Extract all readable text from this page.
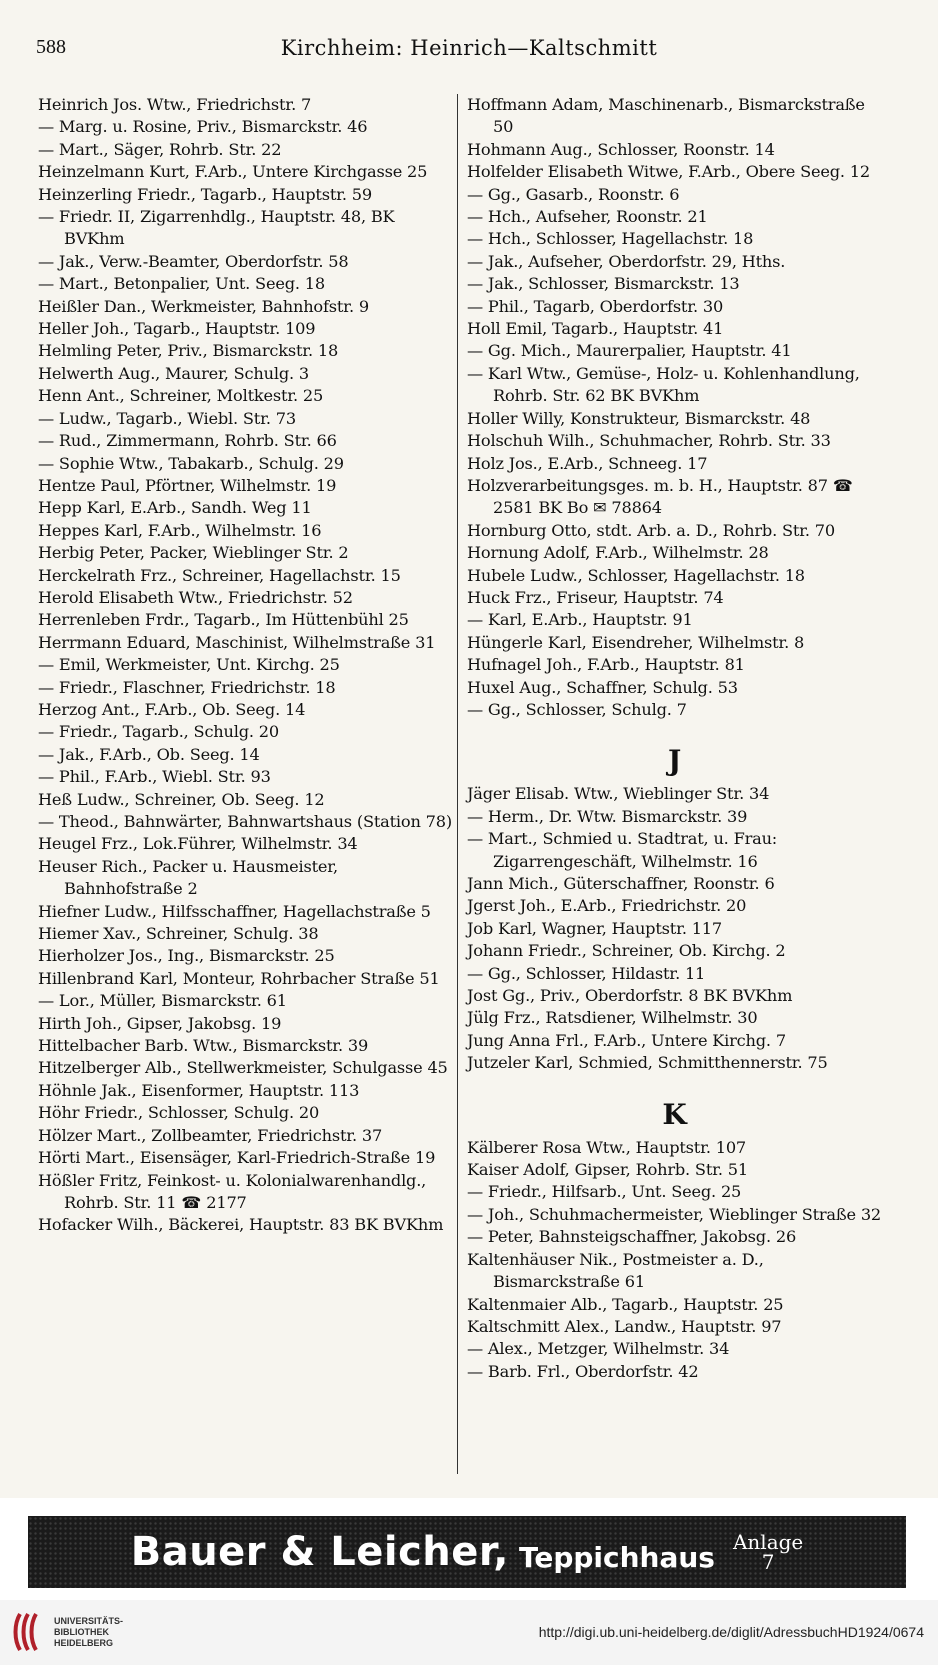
588	Kirchheim: Heinrich—Kaltschmitt
Heinrich Jos. Wtw., Friedrichstr. 7
— Marg. u. Rosine, Priv., Bismarckstr. 46
— Mart., Säger, Rohrb. Str. 22
Heinzelmann Kurt, F.Arb., Untere Kirchgasse 25
Heinzerling Friedr., Tagarb., Hauptstr. 59
— Friedr. II, Zigarrenhdlg., Hauptstr. 48, BK BVKhm
— Jak., Verw.-Beamter, Oberdorfstr. 58
— Mart., Betonpalier, Unt. Seeg. 18
Heißler Dan., Werkmeister, Bahnhofstr. 9
Heller Joh., Tagarb., Hauptstr. 109
Helmling Peter, Priv., Bismarckstr. 18
Helwerth Aug., Maurer, Schulg. 3
Henn Ant., Schreiner, Moltkestr. 25
— Ludw., Tagarb., Wiebl. Str. 73
— Rud., Zimmermann, Rohrb. Str. 66
— Sophie Wtw., Tabakarb., Schulg. 29
Hentze Paul, Pförtner, Wilhelmstr. 19
Hepp Karl, E.Arb., Sandh. Weg 11
Heppes Karl, F.Arb., Wilhelmstr. 16
Herbig Peter, Packer, Wieblinger Str. 2
Herckelrath Frz., Schreiner, Hagellachstr. 15
Herold Elisabeth Wtw., Friedrichstr. 52
Herrenleben Frdr., Tagarb., Im Hüttenbühl 25
Herrmann Eduard, Maschinist, Wilhelmstraße 31
— Emil, Werkmeister, Unt. Kirchg. 25
— Friedr., Flaschner, Friedrichstr. 18
Herzog Ant., F.Arb., Ob. Seeg. 14
— Friedr., Tagarb., Schulg. 20
— Jak., F.Arb., Ob. Seeg. 14
— Phil., F.Arb., Wiebl. Str. 93
Heß Ludw., Schreiner, Ob. Seeg. 12
— Theod., Bahnwärter, Bahnwartshaus (Station 78)
Heugel Frz., Lok.Führer, Wilhelmstr. 34
Heuser Rich., Packer u. Hausmeister, Bahnhofstraße 2
Hiefner Ludw., Hilfsschaffner, Hagellachstraße 5
Hiemer Xav., Schreiner, Schulg. 38
Hierholzer Jos., Ing., Bismarckstr. 25
Hillenbrand Karl, Monteur, Rohrbacher Straße 51
— Lor., Müller, Bismarckstr. 61
Hirth Joh., Gipser, Jakobsg. 19
Hittelbacher Barb. Wtw., Bismarckstr. 39
Hitzelberger Alb., Stellwerkmeister, Schulgasse 45
Höhnle Jak., Eisenformer, Hauptstr. 113
Höhr Friedr., Schlosser, Schulg. 20
Hölzer Mart., Zollbeamter, Friedrichstr. 37
Hörti Mart., Eisensäger, Karl-Friedrich-Straße 19
Hößler Fritz, Feinkost- u. Kolonialwarenhandlg., Rohrb. Str. 11 ☎ 2177
Hofacker Wilh., Bäckerei, Hauptstr. 83 BK BVKhm
Hoffmann Adam, Maschinenarb., Bismarckstraße 50
Hohmann Aug., Schlosser, Roonstr. 14
Holfelder Elisabeth Witwe, F.Arb., Obere Seeg. 12
— Gg., Gasarb., Roonstr. 6
— Hch., Aufseher, Roonstr. 21
— Hch., Schlosser, Hagellachstr. 18
— Jak., Aufseher, Oberdorfstr. 29, Hths.
— Jak., Schlosser, Bismarckstr. 13
— Phil., Tagarb, Oberdorfstr. 30
Holl Emil, Tagarb., Hauptstr. 41
— Gg. Mich., Maurerpalier, Hauptstr. 41
— Karl Wtw., Gemüse-, Holz- u. Kohlenhandlung, Rohrb. Str. 62 BK BVKhm
Holler Willy, Konstrukteur, Bismarckstr. 48
Holschuh Wilh., Schuhmacher, Rohrb. Str. 33
Holz Jos., E.Arb., Schneeg. 17
Holzverarbeitungsges. m. b. H., Hauptstr. 87 ☎ 2581 BK Bo ✉ 78864
Hornburg Otto, stdt. Arb. a. D., Rohrb. Str. 70
Hornung Adolf, F.Arb., Wilhelmstr. 28
Hubele Ludw., Schlosser, Hagellachstr. 18
Huck Frz., Friseur, Hauptstr. 74
— Karl, E.Arb., Hauptstr. 91
Hüngerle Karl, Eisendreher, Wilhelmstr. 8
Hufnagel Joh., F.Arb., Hauptstr. 81
Huxel Aug., Schaffner, Schulg. 53
— Gg., Schlosser, Schulg. 7
J
Jäger Elisab. Wtw., Wieblinger Str. 34
— Herm., Dr. Wtw. Bismarckstr. 39
— Mart., Schmied u. Stadtrat, u. Frau: Zigarrengeschäft, Wilhelmstr. 16
Jann Mich., Güterschaffner, Roonstr. 6
Jgerst Joh., E.Arb., Friedrichstr. 20
Job Karl, Wagner, Hauptstr. 117
Johann Friedr., Schreiner, Ob. Kirchg. 2
— Gg., Schlosser, Hildastr. 11
Jost Gg., Priv., Oberdorfstr. 8 BK BVKhm
Jülg Frz., Ratsdiener, Wilhelmstr. 30
Jung Anna Frl., F.Arb., Untere Kirchg. 7
Jutzeler Karl, Schmied, Schmitthennerstr. 75
K
Kälberer Rosa Wtw., Hauptstr. 107
Kaiser Adolf, Gipser, Rohrb. Str. 51
— Friedr., Hilfsarb., Unt. Seeg. 25
— Joh., Schuhmachermeister, Wieblinger Straße 32
— Peter, Bahnsteigschaffner, Jakobsg. 26
Kaltenhäuser Nik., Postmeister a. D., Bismarckstraße 61
Kaltenmaier Alb., Tagarb., Hauptstr. 25
Kaltschmitt Alex., Landw., Hauptstr. 97
— Alex., Metzger, Wilhelmstr. 34
— Barb. Frl., Oberdorfstr. 42
Bauer & Leicher, Teppichhaus Anlage
7
UNIVERSITÄTS-
BIBLIOTHEK
HEIDELBERG
http://digi.ub.uni-heidelberg.de/diglit/AdressbuchHD1924/0674
